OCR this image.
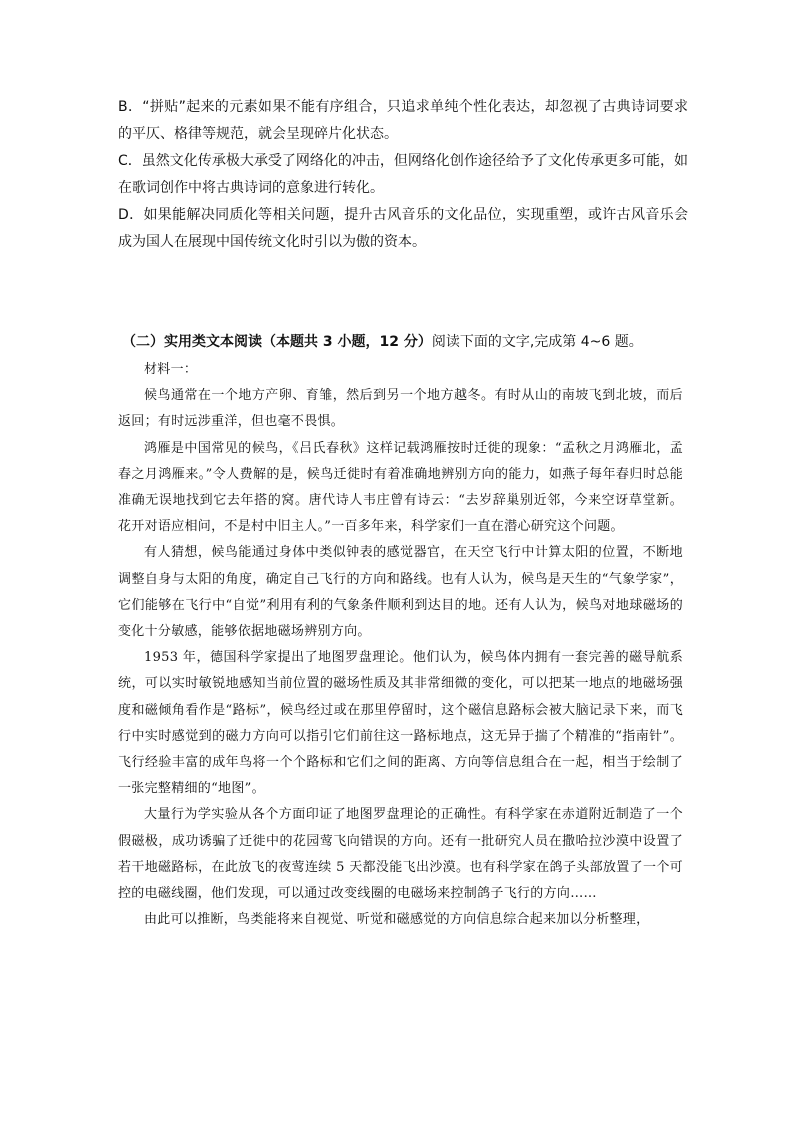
B．“拼贴”起来的元素如果不能有序组合，只追求单纯个性化表达，却忽视了古典诗词要求的平仄、格律等规范，就会呈现碎片化状态。

C．虽然文化传承极大承受了网络化的冲击，但网络化创作途径给予了文化传承更多可能，如在歌词创作中将古典诗词的意象进行转化。

D．如果能解决同质化等相关问题，提升古风音乐的文化品位，实现重塑，或许古风音乐会成为国人在展现中国传统文化时引以为傲的资本。

（二）实用类文本阅读（本题共 3 小题，12 分）阅读下面的文字,完成第 4~6 题。

材料一：

候鸟通常在一个地方产卵、育雏，然后到另一个地方越冬。有时从山的南坡飞到北坡，而后返回；有时远涉重洋，但也毫不畏惧。

鸿雁是中国常见的候鸟，《吕氏春秋》这样记载鸿雁按时迁徙的现象：“孟秋之月鸿雁北，孟春之月鸿雁来。”令人费解的是，候鸟迁徙时有着准确地辨别方向的能力，如燕子每年春归时总能准确无误地找到它去年搭的窝。唐代诗人韦庄曾有诗云：“去岁辞巢别近邻，今来空讶草堂新。花开对语应相问，不是村中旧主人。”一百多年来，科学家们一直在潜心研究这个问题。

有人猜想，候鸟能通过身体中类似钟表的感觉器官，在天空飞行中计算太阳的位置，不断地调整自身与太阳的角度，确定自己飞行的方向和路线。也有人认为，候鸟是天生的“气象学家”，它们能够在飞行中“自觉”利用有利的气象条件顺利到达目的地。还有人认为，候鸟对地球磁场的变化十分敏感，能够依据地磁场辨别方向。

1953 年，德国科学家提出了地图罗盘理论。他们认为，候鸟体内拥有一套完善的磁导航系统，可以实时敏锐地感知当前位置的磁场性质及其非常细微的变化，可以把某一地点的地磁场强度和磁倾角看作是“路标”，候鸟经过或在那里停留时，这个磁信息路标会被大脑记录下来，而飞行中实时感觉到的磁力方向可以指引它们前往这一路标地点，这无异于揣了个精准的“指南针”。飞行经验丰富的成年鸟将一个个路标和它们之间的距离、方向等信息组合在一起，相当于绘制了一张完整精细的“地图”。

大量行为学实验从各个方面印证了地图罗盘理论的正确性。有科学家在赤道附近制造了一个假磁极，成功诱骗了迁徙中的花园莺飞向错误的方向。还有一批研究人员在撒哈拉沙漠中设置了若干地磁路标，在此放飞的夜莺连续 5 天都没能飞出沙漠。也有科学家在鸽子头部放置了一个可控的电磁线圈，他们发现，可以通过改变线圈的电磁场来控制鸽子飞行的方向……

由此可以推断，鸟类能将来自视觉、听觉和磁感觉的方向信息综合起来加以分析整理，
